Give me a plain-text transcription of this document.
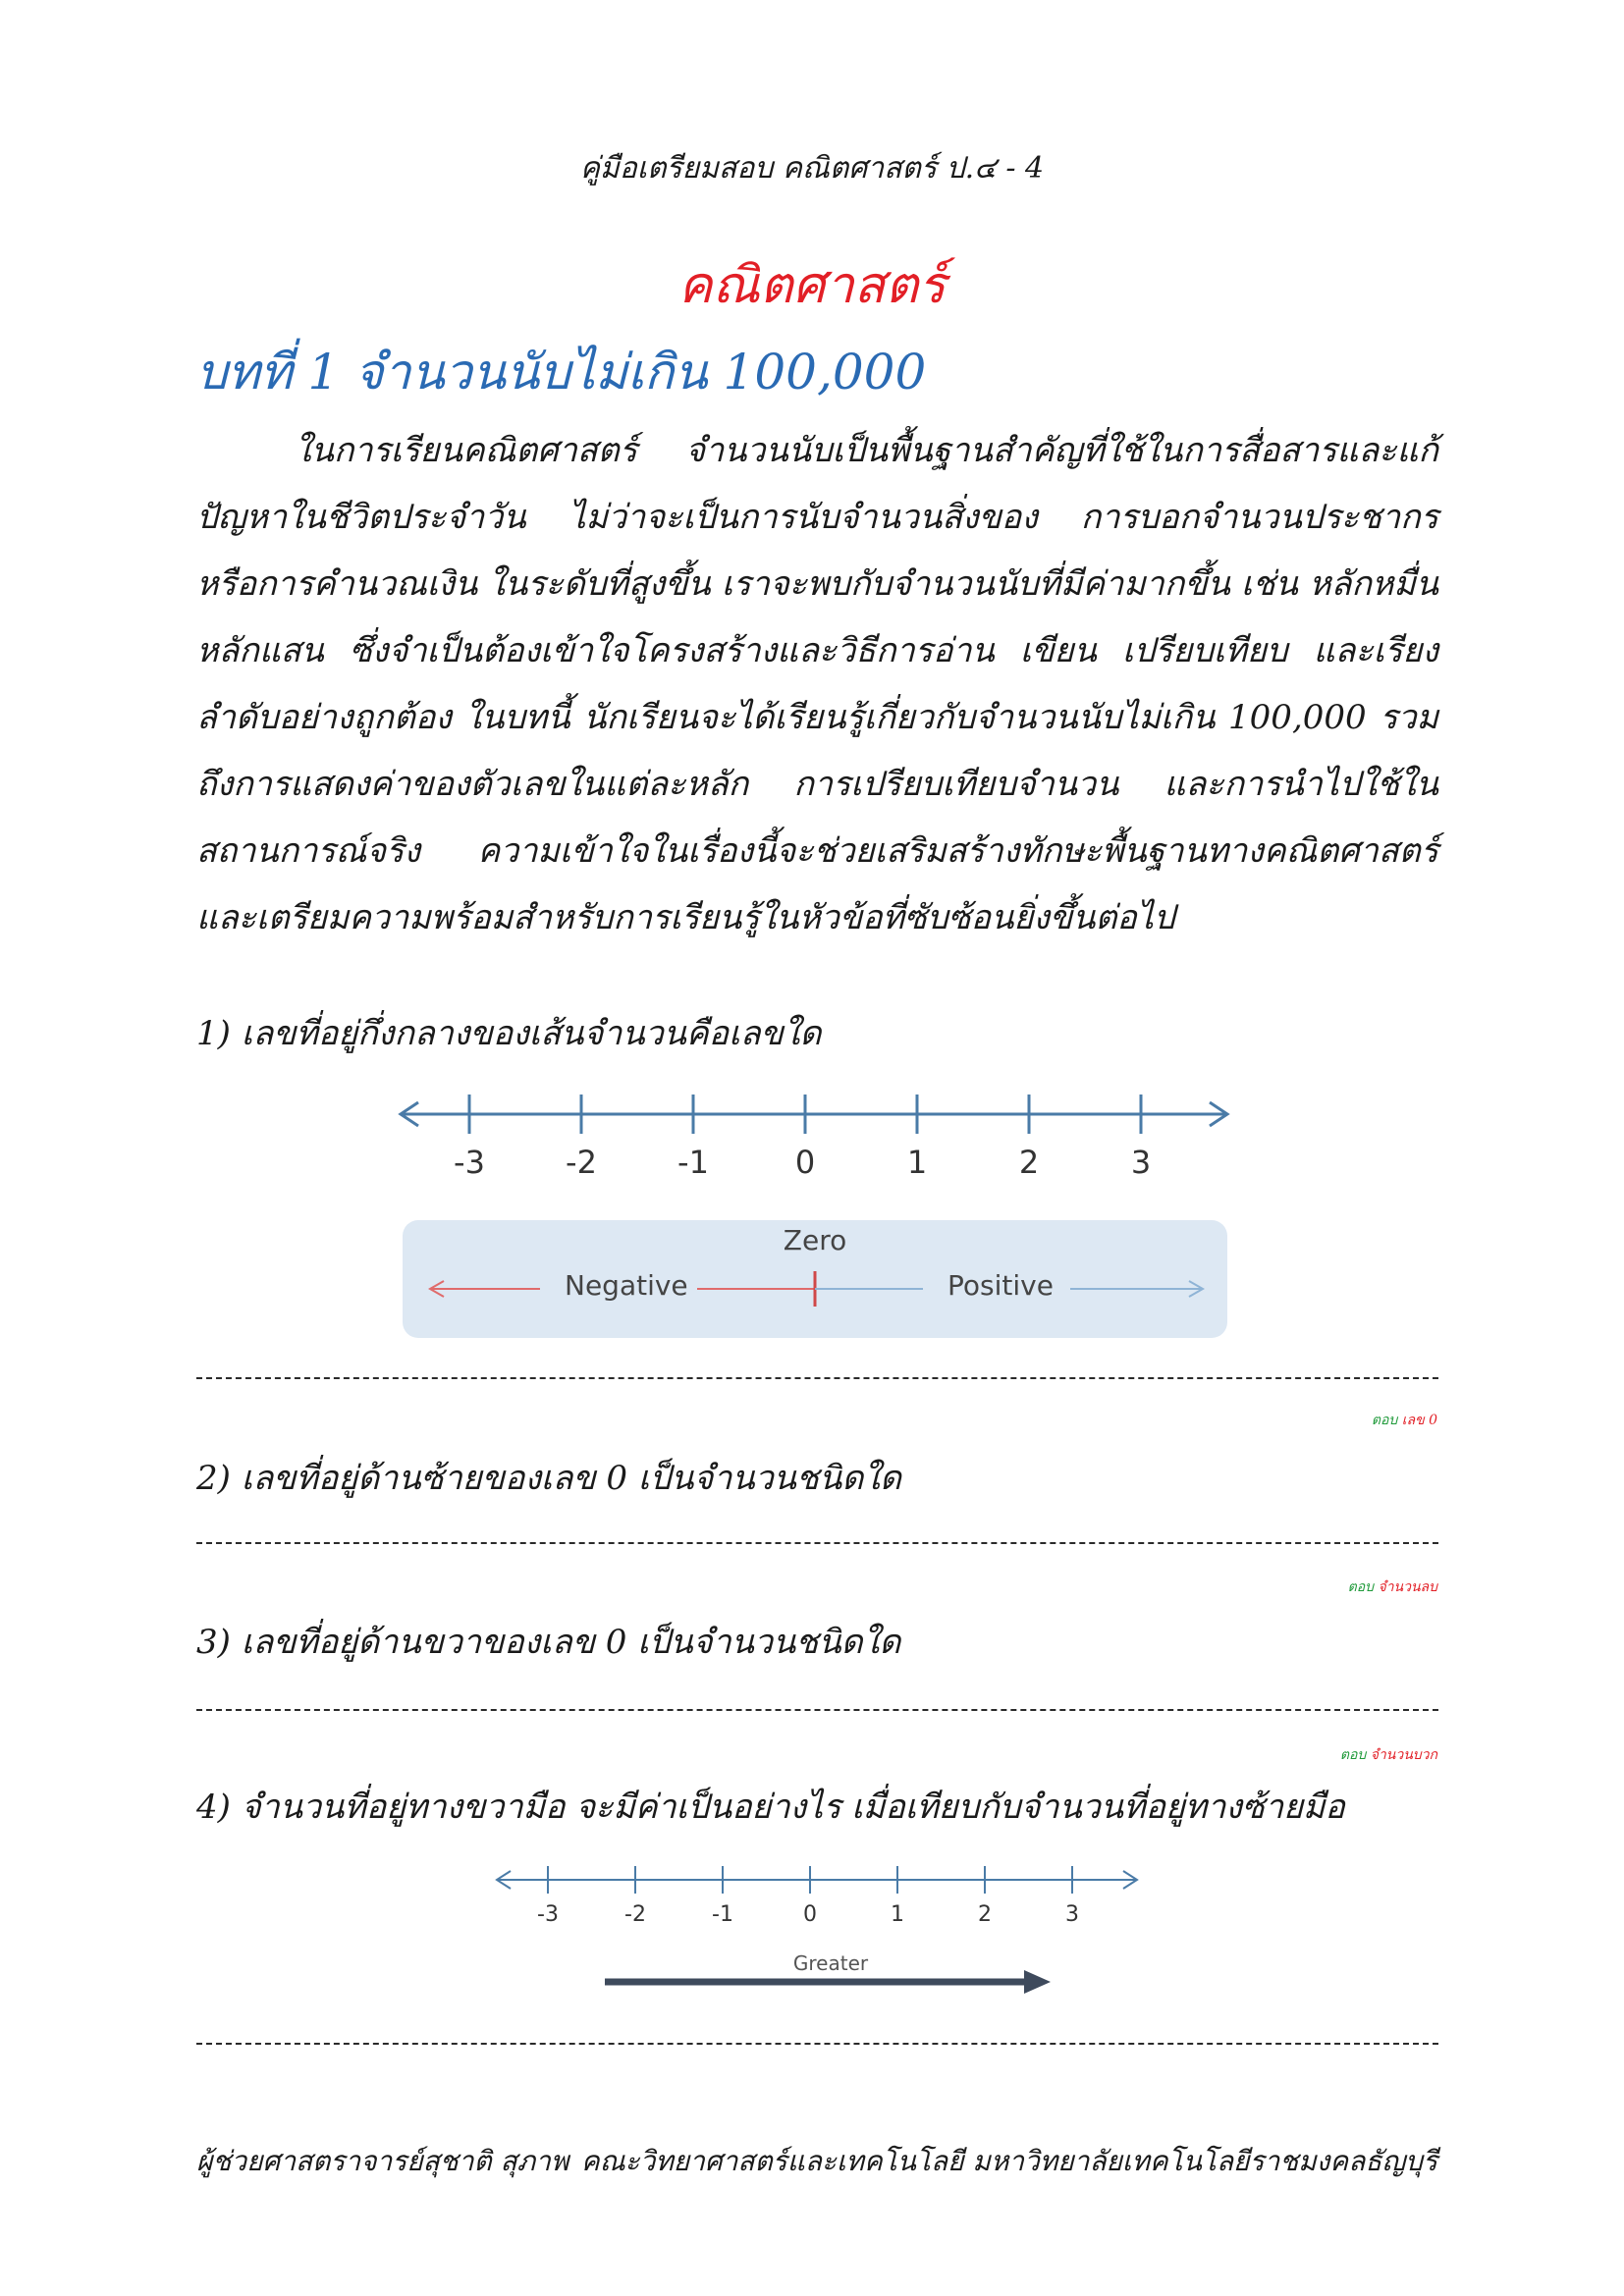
คู่มือเตรียมสอบ คณิตศาสตร์ ป.๔ - 4
คณิตศาสตร์
บทที่ 1 จำนวนนับไม่เกิน 100,000
ในการเรียนคณิตศาสตร์ จำนวนนับเป็นพื้นฐานสำคัญที่ใช้ในการสื่อสารและแก้ปัญหาในชีวิตประจำวัน ไม่ว่าจะเป็นการนับจำนวนสิ่งของ การบอกจำนวนประชากร หรือการคำนวณเงิน ในระดับที่สูงขึ้น เราจะพบกับจำนวนนับที่มีค่ามากขึ้น เช่น หลักหมื่น หลักแสน ซึ่งจำเป็นต้องเข้าใจโครงสร้างและวิธีการอ่าน เขียน เปรียบเทียบ และเรียงลำดับอย่างถูกต้อง ในบทนี้ นักเรียนจะได้เรียนรู้เกี่ยวกับจำนวนนับไม่เกิน 100,000 รวมถึงการแสดงค่าของตัวเลขในแต่ละหลัก การเปรียบเทียบจำนวน และการนำไปใช้ในสถานการณ์จริง ความเข้าใจในเรื่องนี้จะช่วยเสริมสร้างทักษะพื้นฐานทางคณิตศาสตร์ และเตรียมความพร้อมสำหรับการเรียนรู้ในหัวข้อที่ซับซ้อนยิ่งขึ้นต่อไป
1) เลขที่อยู่กึ่งกลางของเส้นจำนวนคือเลขใด
-3	-2	-1	0	1	2	3
Zero
Negative	Positive
ตอบ เลข 0
2) เลขที่อยู่ด้านซ้ายของเลข 0 เป็นจำนวนชนิดใด
ตอบ จำนวนลบ
3) เลขที่อยู่ด้านขวาของเลข 0 เป็นจำนวนชนิดใด
ตอบ จำนวนบวก
4) จำนวนที่อยู่ทางขวามือ จะมีค่าเป็นอย่างไร เมื่อเทียบกับจำนวนที่อยู่ทางซ้ายมือ
-3	-2	-1	0	1	2	3
Greater
ผู้ช่วยศาสตราจารย์สุชาติ สุภาพ คณะวิทยาศาสตร์และเทคโนโลยี มหาวิทยาลัยเทคโนโลยีราชมงคลธัญบุรี
